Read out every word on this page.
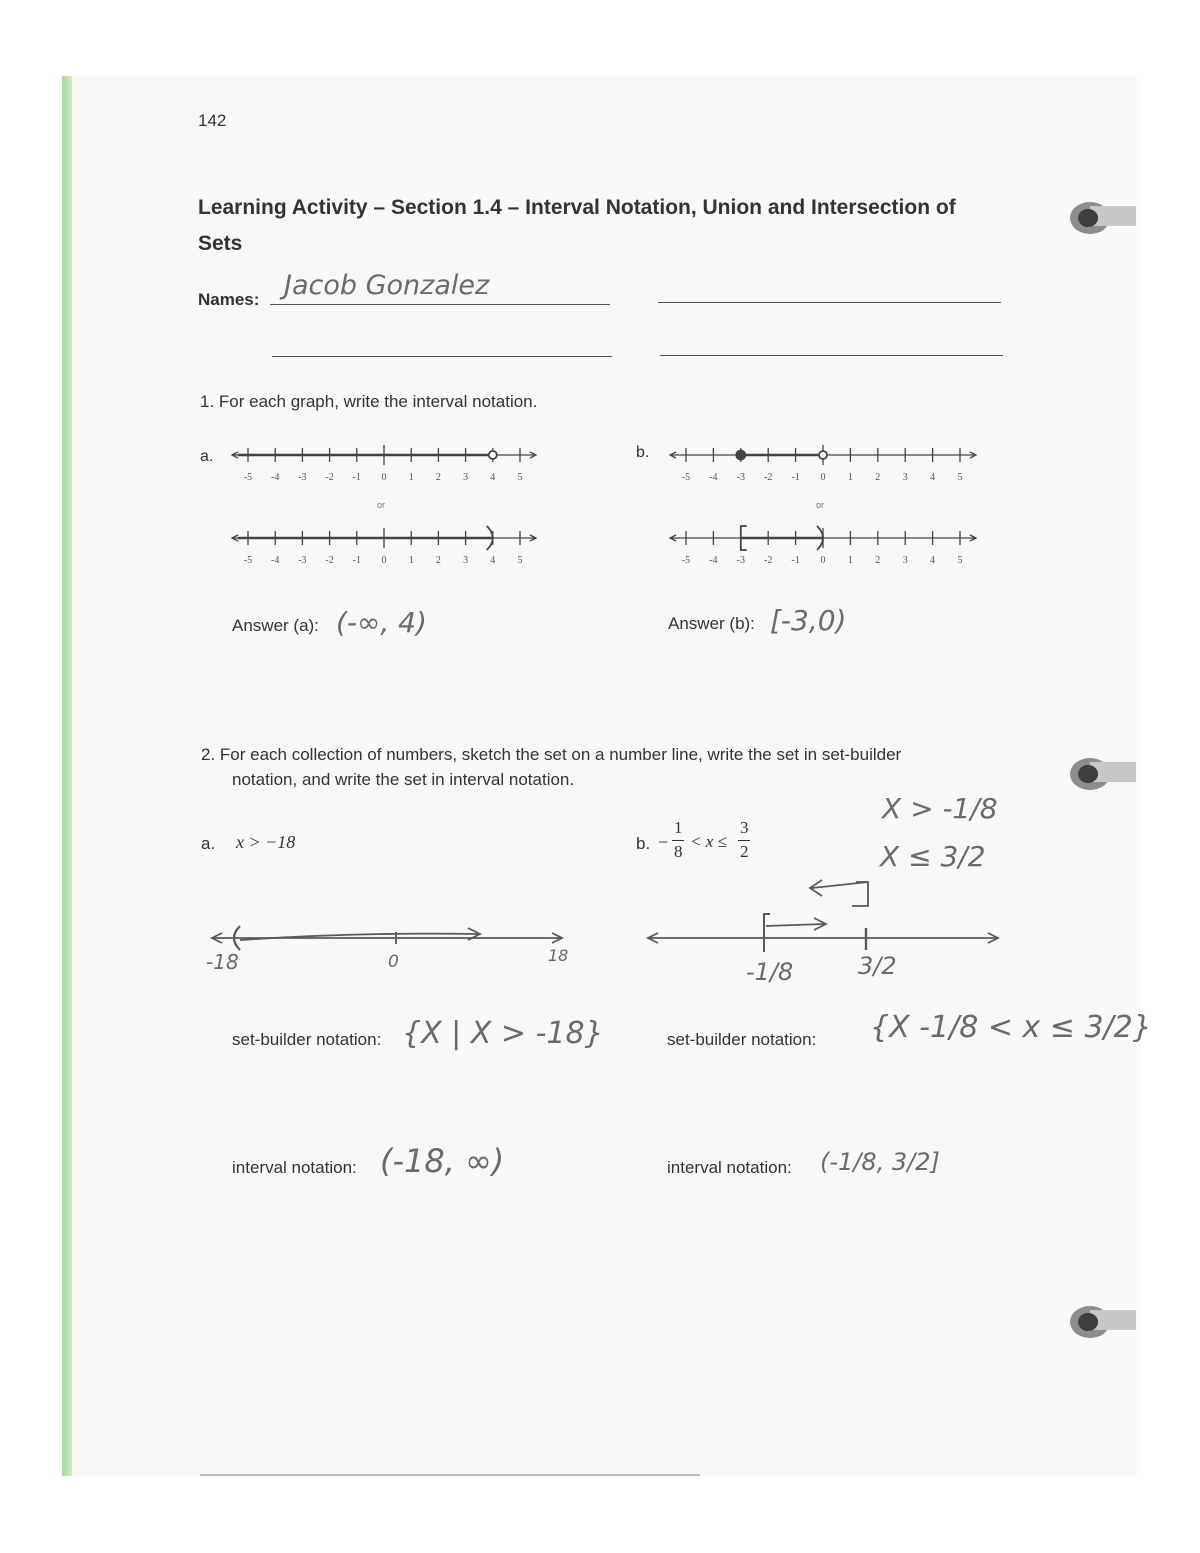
142
Learning Activity – Section 1.4 – Interval Notation, Union and Intersection of
Sets
Names: Jacob Gonzalez
1. For each graph, write the interval notation.
a.	b.
or	or
Answer (a): (-∞, 4)	Answer (b): [-3,0)
2. For each collection of numbers, sketch the set on a number line, write the set in set-builder
notation, and write the set in interval notation.
a. x > −18	b. −
1
8
< x ≤
3
2
X > -1/8
X ≤ 3/2
-18	0	18
-1/8	3/2
set-builder notation: {X | X > -18}	set-builder notation: {X -1/8 < x ≤ 3/2}
interval notation: (-18, ∞)	interval notation: (-1/8, 3/2]
-5 -4 -3 -2 -1 0 1 2 3 4 5
-5 -4 -3 -2 -1 0 1 2 3 4 5
-5 -4 -3 -2 -1 0 1 2 3 4 5
-5 -4 -3 -2 -1 0 1 2 3 4 5
